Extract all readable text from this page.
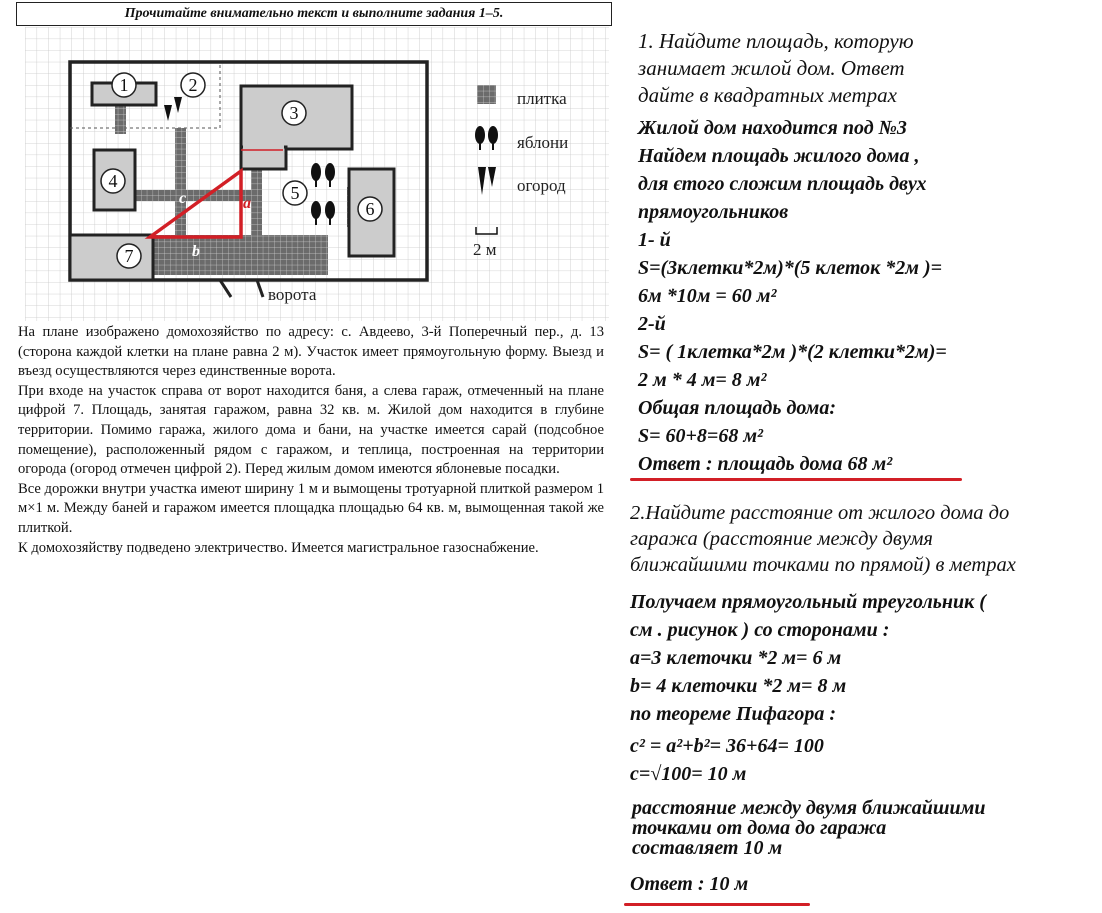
Прочитайте внимательно текст и выполните задания 1–5.
1	2
3
4
5
6
7
плитка
яблони
огород
2 м
ворота
a
b
c

На плане изображено домохозяйство по адресу: с. Авдеево, 3-й Поперечный пер., д. 13 (сторона каждой клетки на плане равна 2 м). Участок имеет прямоугольную форму. Выезд и въезд осуществляются через единственные ворота.

При входе на участок справа от ворот находится баня, а слева гараж, отмеченный на плане цифрой 7. Площадь, занятая гаражом, равна 32 кв. м. Жилой дом находится в глубине территории. Помимо гаража, жилого дома и бани, на участке имеется сарай (подсобное помещение), расположенный рядом с гаражом, и теплица, построенная на территории огорода (огород отмечен цифрой 2). Перед жилым домом имеются яблоневые посадки.

Все дорожки внутри участка имеют ширину 1 м и вымощены тротуарной плиткой размером 1 м×1 м. Между баней и гаражом имеется площадка площадью 64 кв. м, вымощенная такой же плиткой.

К домохозяйству подведено электричество. Имеется магистральное газоснабжение.

1. Найдите площадь, которую
занимает жилой дом. Ответ
дайте в квадратных метрах
Жилой дом находится под №3
Найдем площадь жилого дома ,
для єтого сложим площадь двух
прямоугольников
1- й
S=(3клетки*2м)*(5 клеток *2м )=
6м *10м = 60 м²
2-й
S= ( 1клетка*2м )*(2 клетки*2м)=
2 м * 4 м= 8 м²
Общая площадь дома:
S= 60+8=68 м²
Ответ : площадь дома 68 м²
2.Найдите расстояние от жилого дома до
гаража (расстояние между двумя
ближайшими точками по прямой) в метрах
Получаем прямоугольный треугольник (
см . рисунок ) со сторонами :
a=3 клеточки *2 м= 6 м
b= 4 клеточки *2 м= 8 м
по теореме Пифагора :
c² = a²+b²= 36+64= 100
c=√100= 10 м
расстояние между двумя ближайшими
точками от дома до гаража
составляет 10 м
Ответ : 10 м
